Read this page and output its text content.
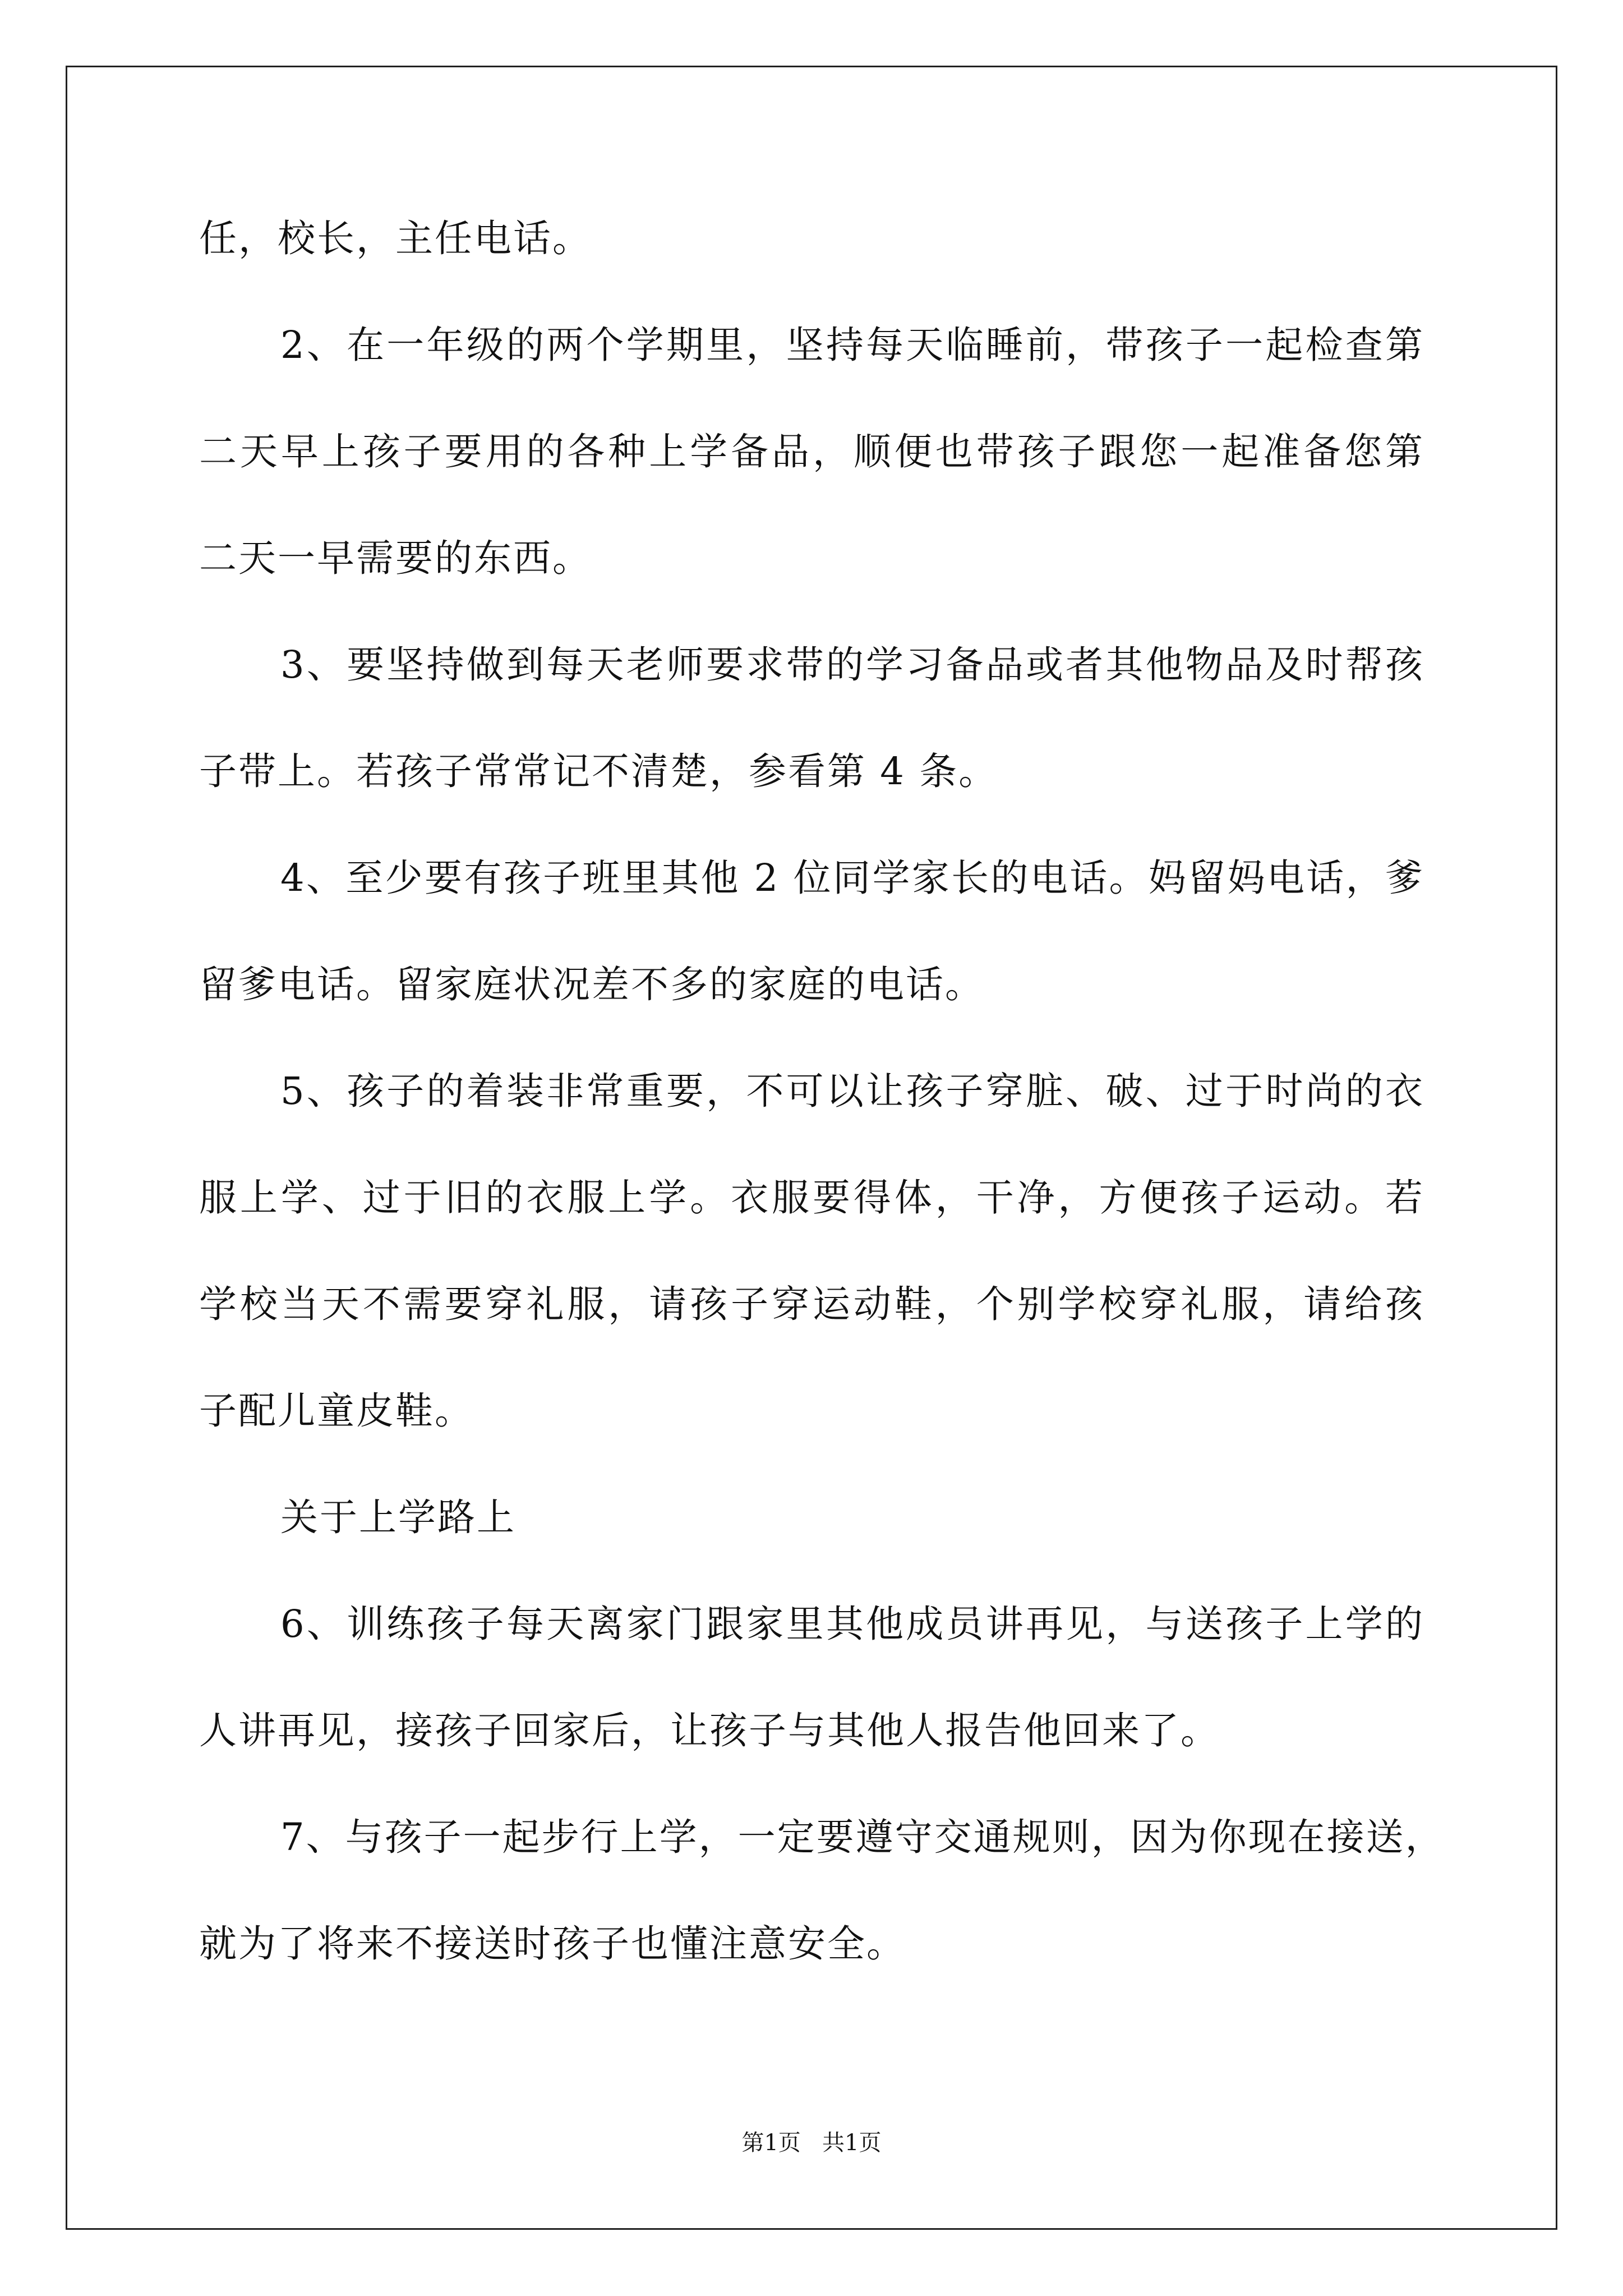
任，校长，主任电话。
2、在一年级的两个学期里，坚持每天临睡前，带孩子一起检查第
二天早上孩子要用的各种上学备品，顺便也带孩子跟您一起准备您第
二天一早需要的东西。
3、要坚持做到每天老师要求带的学习备品或者其他物品及时帮孩
子带上。若孩子常常记不清楚，参看第 4 条。
4、至少要有孩子班里其他 2 位同学家长的电话。妈留妈电话，爹
留爹电话。留家庭状况差不多的家庭的电话。
5、孩子的着装非常重要，不可以让孩子穿脏、破、过于时尚的衣
服上学、过于旧的衣服上学。衣服要得体，干净，方便孩子运动。若
学校当天不需要穿礼服，请孩子穿运动鞋，个别学校穿礼服，请给孩
子配儿童皮鞋。
关于上学路上
6、训练孩子每天离家门跟家里其他成员讲再见，与送孩子上学的
人讲再见，接孩子回家后，让孩子与其他人报告他回来了。
7、与孩子一起步行上学，一定要遵守交通规则，因为你现在接送，
就为了将来不接送时孩子也懂注意安全。
第1页   共1页
